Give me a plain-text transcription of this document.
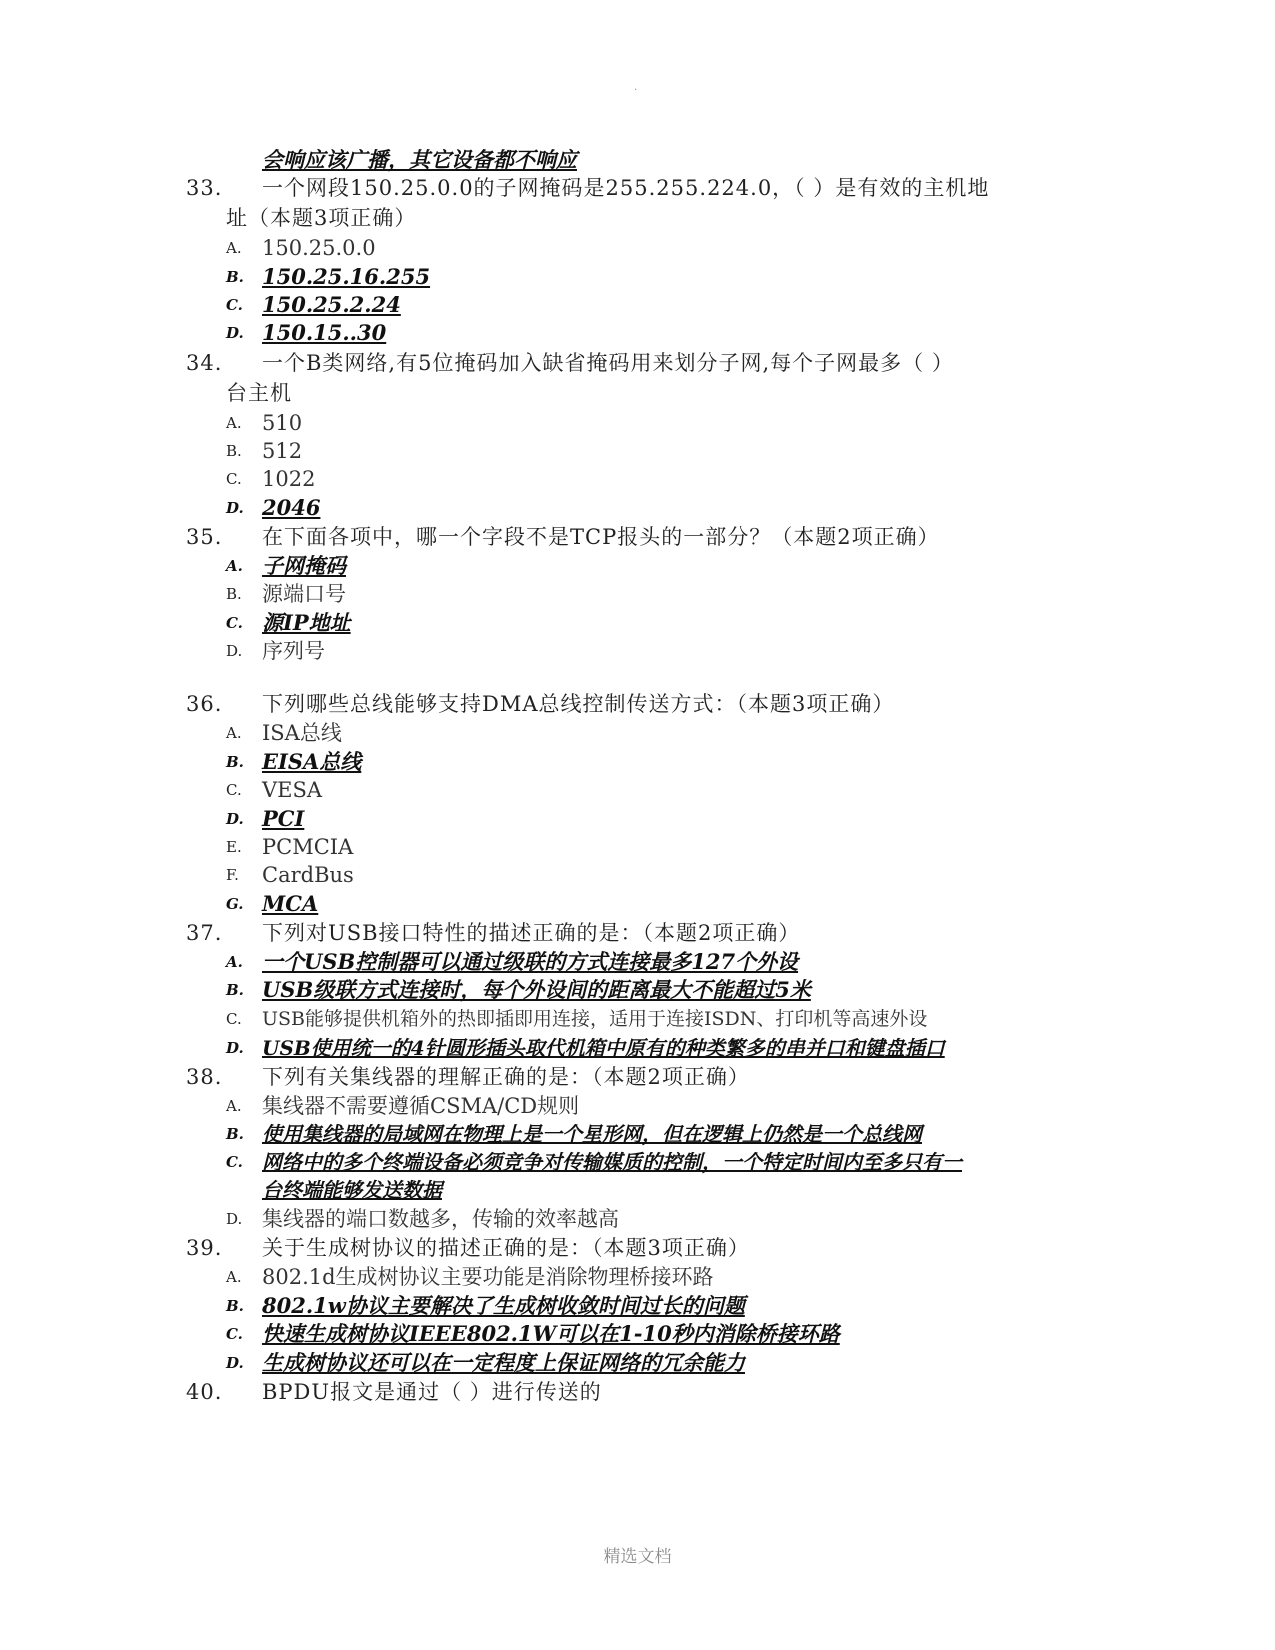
.
会响应该广播，其它设备都不响应
33. 一个网段150.25.0.0的子网掩码是255.255.224.0，（ ）是有效的主机地
址（本题3项正确）
A. 150.25.0.0
B. 150.25.16.255
C. 150.25.2.24
D. 150.15..30
34. 一个B类网络,有5位掩码加入缺省掩码用来划分子网,每个子网最多（ ）
台主机
A. 510
B. 512
C. 1022
D. 2046
35. 在下面各项中，哪一个字段不是TCP报头的一部分？（本题2项正确）
A. 子网掩码
B. 源端口号
C. 源IP地址
D. 序列号
36. 下列哪些总线能够支持DMA总线控制传送方式：（本题3项正确）
A. ISA总线
B. EISA总线
C. VESA
D. PCI
E. PCMCIA
F. CardBus
G. MCA
37. 下列对USB接口特性的描述正确的是：（本题2项正确）
A. 一个USB控制器可以通过级联的方式连接最多127个外设
B. USB级联方式连接时，每个外设间的距离最大不能超过5米
C. USB能够提供机箱外的热即插即用连接，适用于连接ISDN、打印机等高速外设
D. USB使用统一的4针圆形插头取代机箱中原有的种类繁多的串并口和键盘插口
38. 下列有关集线器的理解正确的是：（本题2项正确）
A. 集线器不需要遵循CSMA/CD规则
B. 使用集线器的局域网在物理上是一个星形网，但在逻辑上仍然是一个总线网
C. 网络中的多个终端设备必须竞争对传输媒质的控制，一个特定时间内至多只有一
台终端能够发送数据
D. 集线器的端口数越多，传输的效率越高
39. 关于生成树协议的描述正确的是：（本题3项正确）
A. 802.1d生成树协议主要功能是消除物理桥接环路
B. 802.1w协议主要解决了生成树收敛时间过长的问题
C. 快速生成树协议IEEE802.1W可以在1-10秒内消除桥接环路
D. 生成树协议还可以在一定程度上保证网络的冗余能力
40. BPDU报文是通过（ ）进行传送的
精选文档
